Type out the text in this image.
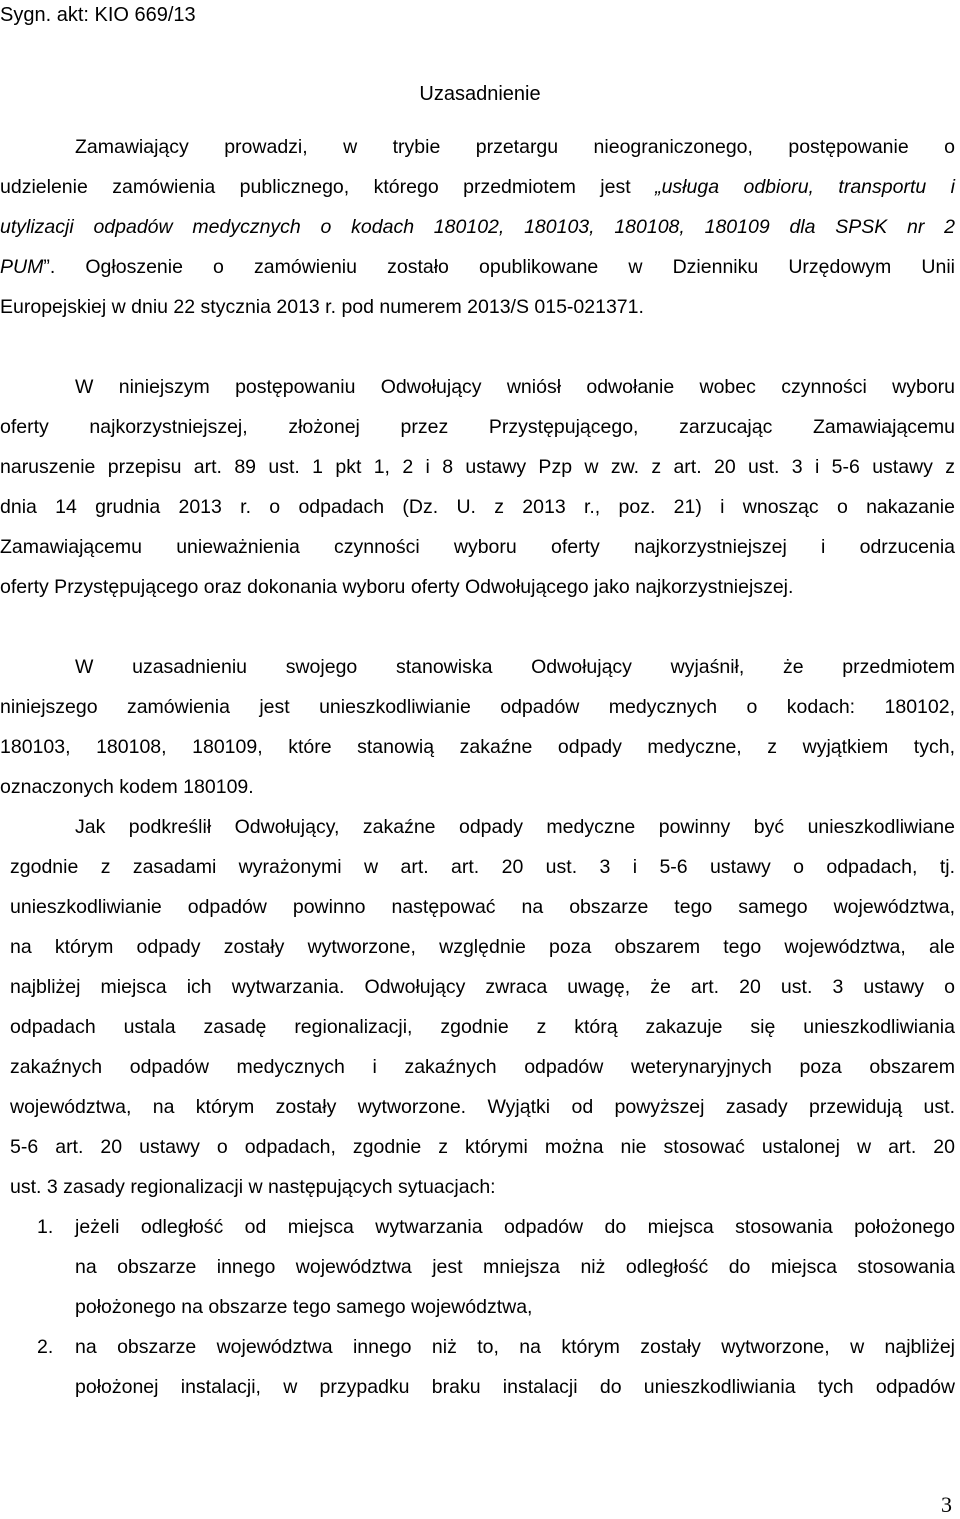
Sygn. akt: KIO 669/13
Uzasadnienie
Zamawiający prowadzi, w trybie przetargu nieograniczonego, postępowanie o
udzielenie zamówienia publicznego, którego przedmiotem jest „usługa odbioru, transportu i
utylizacji odpadów medycznych o kodach 180102, 180103, 180108, 180109 dla SPSK nr 2
PUM”. Ogłoszenie o zamówieniu zostało opublikowane w Dzienniku Urzędowym Unii
Europejskiej w dniu 22 stycznia 2013 r. pod numerem 2013/S 015-021371.
W niniejszym postępowaniu Odwołujący wniósł odwołanie wobec czynności wyboru
oferty najkorzystniejszej, złożonej przez Przystępującego, zarzucając Zamawiającemu
naruszenie przepisu art. 89 ust. 1 pkt 1, 2 i 8 ustawy Pzp w zw. z art. 20 ust. 3 i 5-6 ustawy z
dnia 14 grudnia 2013 r. o odpadach (Dz. U. z 2013 r., poz. 21) i wnosząc o nakazanie
Zamawiającemu unieważnienia czynności wyboru oferty najkorzystniejszej i odrzucenia
oferty Przystępującego oraz dokonania wyboru oferty Odwołującego jako najkorzystniejszej.
W uzasadnieniu swojego stanowiska Odwołujący wyjaśnił, że przedmiotem
niniejszego zamówienia jest unieszkodliwianie odpadów medycznych o kodach: 180102,
180103, 180108, 180109, które stanowią zakaźne odpady medyczne, z wyjątkiem tych,
oznaczonych kodem 180109.
Jak podkreślił Odwołujący, zakaźne odpady medyczne powinny być unieszkodliwiane
zgodnie z zasadami wyrażonymi w art. art. 20 ust. 3 i 5-6 ustawy o odpadach, tj.
unieszkodliwianie odpadów powinno następować na obszarze tego samego województwa,
na którym odpady zostały wytworzone, względnie poza obszarem tego województwa, ale
najbliżej miejsca ich wytwarzania. Odwołujący zwraca uwagę, że art. 20 ust. 3 ustawy o
odpadach ustala zasadę regionalizacji, zgodnie z którą zakazuje się unieszkodliwiania
zakaźnych odpadów medycznych i zakaźnych odpadów weterynaryjnych poza obszarem
województwa, na którym zostały wytworzone. Wyjątki od powyższej zasady przewidują ust.
5-6 art. 20 ustawy o odpadach, zgodnie z którymi można nie stosować ustalonej w art. 20
ust. 3 zasady regionalizacji w następujących sytuacjach:
1. jeżeli odległość od miejsca wytwarzania odpadów do miejsca stosowania położonego
na obszarze innego województwa jest mniejsza niż odległość do miejsca stosowania
położonego na obszarze tego samego województwa,
2. na obszarze województwa innego niż to, na którym zostały wytworzone, w najbliżej
położonej instalacji, w przypadku braku instalacji do unieszkodliwiania tych odpadów
3
